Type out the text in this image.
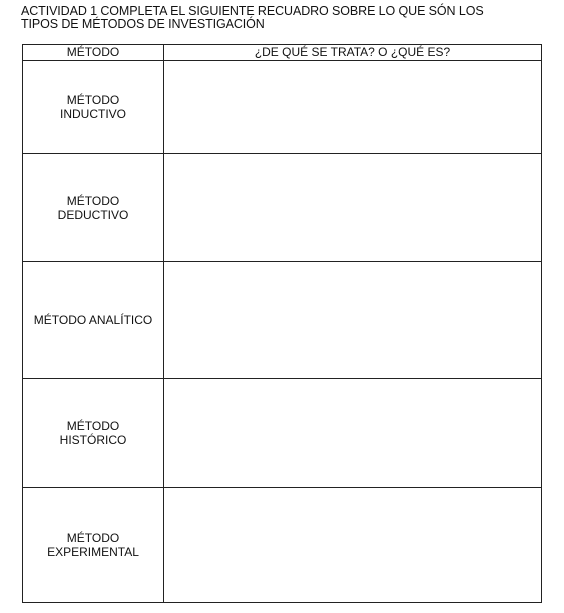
ACTIVIDAD 1 COMPLETA EL SIGUIENTE RECUADRO SOBRE LO QUE SÓN LOS
TIPOS DE MÉTODOS DE INVESTIGACIÓN
MÉTODO	¿DE QUÉ SE TRATA? O ¿QUÉ ES?

MÉTODO
INDUCTIVO	

MÉTODO
DEDUCTIVO	

MÉTODO ANALÍTICO	

MÉTODO
HISTÓRICO	

MÉTODO
EXPERIMENTAL	
